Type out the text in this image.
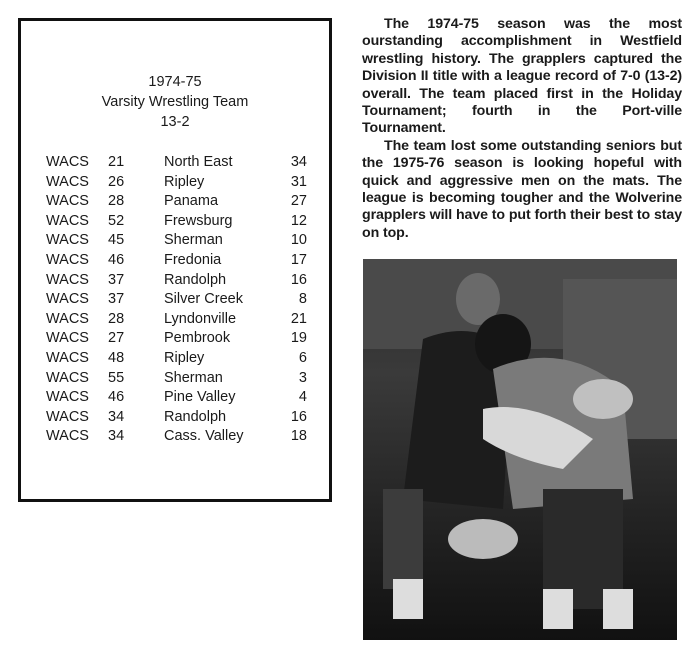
1974-75
Varsity Wrestling Team
13-2
WACS 21	North East	34
WACS 26	Ripley	31
WACS 28	Panama	27
WACS 52	Frewsburg	12
WACS 45	Sherman	10
WACS 46	Fredonia	17
WACS 37	Randolph	16
WACS 37	Silver Creek	8
WACS 28	Lyndonville	21
WACS 27	Pembrook	19
WACS 48	Ripley	6
WACS 55	Sherman	3
WACS 46	Pine Valley	4
WACS 34	Randolph	16
WACS 34	Cass. Valley	18

The 1974-75 season was the most ourstanding accomplishment in Westfield wrestling history. The grapplers captured the Division II title with a league record of 7-0 (13-2) overall. The team placed first in the Holiday Tournament; fourth in the Port-ville Tournament.

The team lost some outstanding seniors but the 1975-76 season is looking hopeful with quick and aggressive men on the mats. The league is becoming tougher and the Wolverine grapplers will have to put forth their best to stay on top.
